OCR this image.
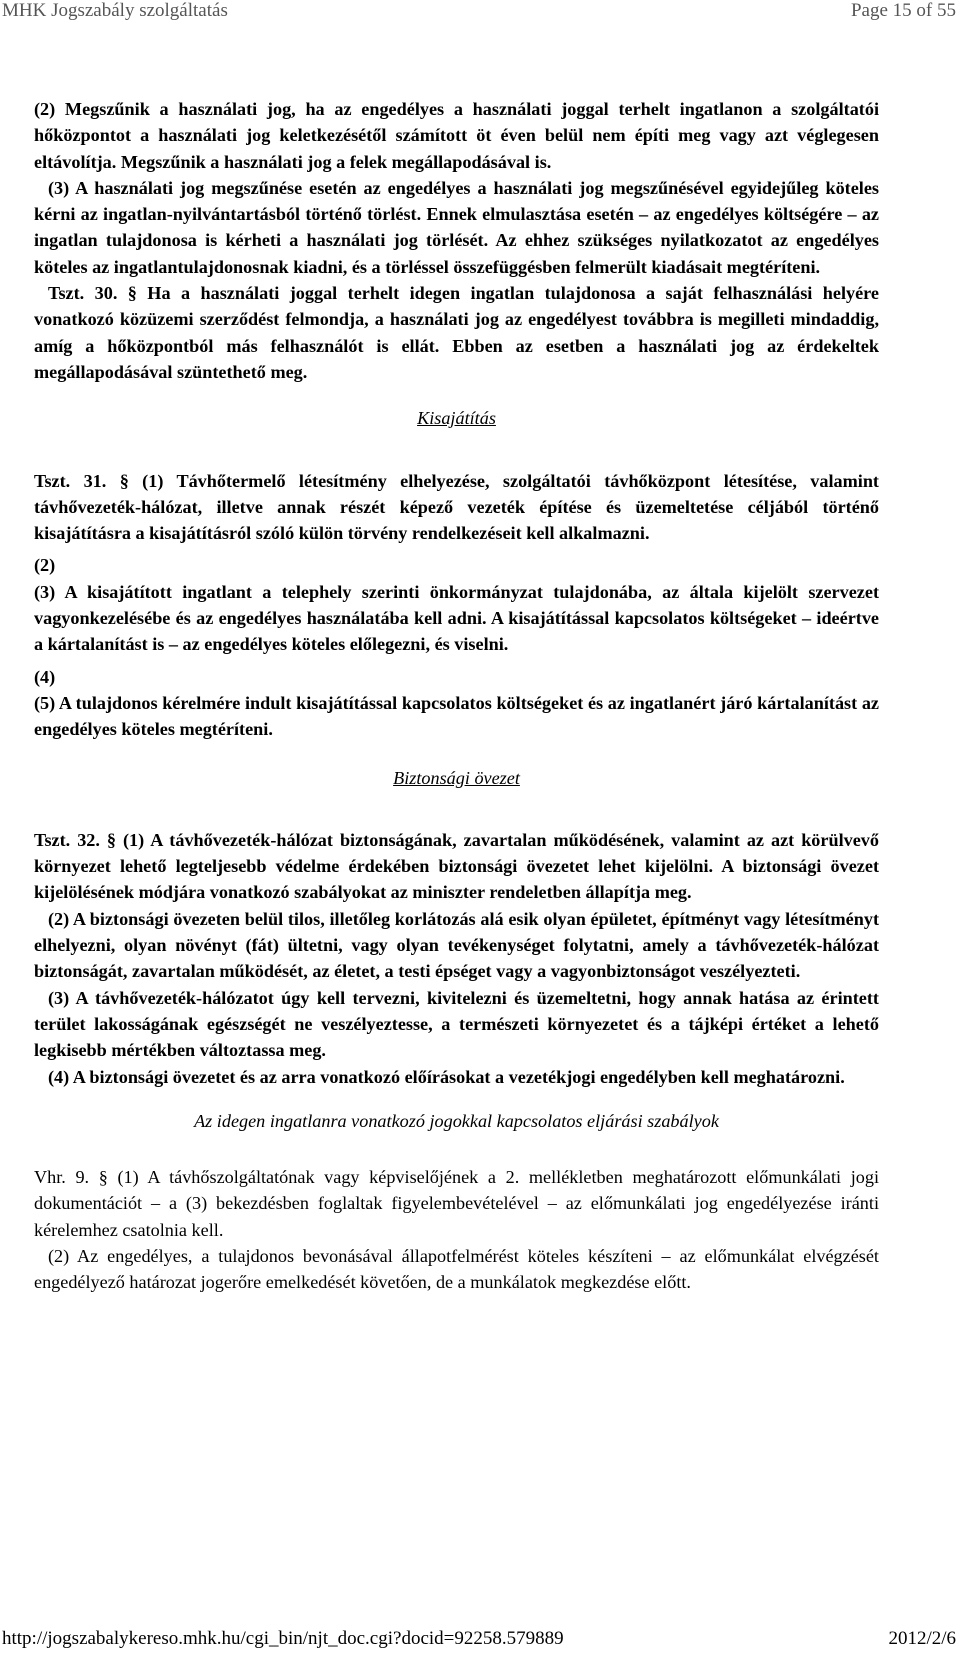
MHK Jogszabály szolgáltatás	Page 15 of 55

(2) Megszűnik a használati jog, ha az engedélyes a használati joggal terhelt ingatlanon a szolgáltatói hőközpontot a használati jog keletkezésétől számított öt éven belül nem építi meg vagy azt véglegesen eltávolítja. Megszűnik a használati jog a felek megállapodásával is.

(3) A használati jog megszűnése esetén az engedélyes a használati jog megszűnésével egyidejűleg köteles kérni az ingatlan-nyilvántartásból történő törlést. Ennek elmulasztása esetén – az engedélyes költségére – az ingatlan tulajdonosa is kérheti a használati jog törlését. Az ehhez szükséges nyilatkozatot az engedélyes köteles az ingatlantulajdonosnak kiadni, és a törléssel összefüggésben felmerült kiadásait megtéríteni.

Tszt. 30. § Ha a használati joggal terhelt idegen ingatlan tulajdonosa a saját felhasználási helyére vonatkozó közüzemi szerződést felmondja, a használati jog az engedélyest továbbra is megilleti mindaddig, amíg a hőközpontból más felhasználót is ellát. Ebben az esetben a használati jog az érdekeltek megállapodásával szüntethető meg.

Kisajátítás

Tszt. 31. § (1) Távhőtermelő létesítmény elhelyezése, szolgáltatói távhőközpont létesítése, valamint távhővezeték-hálózat, illetve annak részét képező vezeték építése és üzemeltetése céljából történő kisajátításra a kisajátításról szóló külön törvény rendelkezéseit kell alkalmazni.

(2)

(3) A kisajátított ingatlant a telephely szerinti önkormányzat tulajdonába, az általa kijelölt szervezet vagyonkezelésébe és az engedélyes használatába kell adni. A kisajátítással kapcsolatos költségeket – ideértve a kártalanítást is – az engedélyes köteles előlegezni, és viselni.

(4)

(5) A tulajdonos kérelmére indult kisajátítással kapcsolatos költségeket és az ingatlanért járó kártalanítást az engedélyes köteles megtéríteni.

Biztonsági övezet

Tszt. 32. § (1) A távhővezeték-hálózat biztonságának, zavartalan működésének, valamint az azt körülvevő környezet lehető legteljesebb védelme érdekében biztonsági övezetet lehet kijelölni. A biztonsági övezet kijelölésének módjára vonatkozó szabályokat az miniszter rendeletben állapítja meg.

(2) A biztonsági övezeten belül tilos, illetőleg korlátozás alá esik olyan épületet, építményt vagy létesítményt elhelyezni, olyan növényt (fát) ültetni, vagy olyan tevékenységet folytatni, amely a távhővezeték-hálózat biztonságát, zavartalan működését, az életet, a testi épséget vagy a vagyonbiztonságot veszélyezteti.

(3) A távhővezeték-hálózatot úgy kell tervezni, kivitelezni és üzemeltetni, hogy annak hatása az érintett terület lakosságának egészségét ne veszélyeztesse, a természeti környezetet és a tájképi értéket a lehető legkisebb mértékben változtassa meg.

(4) A biztonsági övezetet és az arra vonatkozó előírásokat a vezetékjogi engedélyben kell meghatározni.

Az idegen ingatlanra vonatkozó jogokkal kapcsolatos eljárási szabályok

Vhr. 9. § (1) A távhőszolgáltatónak vagy képviselőjének a 2. mellékletben meghatározott előmunkálati jogi dokumentációt – a (3) bekezdésben foglaltak figyelembevételével – az előmunkálati jog engedélyezése iránti kérelemhez csatolnia kell.

(2) Az engedélyes, a tulajdonos bevonásával állapotfelmérést köteles készíteni – az előmunkálat elvégzését engedélyező határozat jogerőre emelkedését követően, de a munkálatok megkezdése előtt.

http://jogszabalykereso.mhk.hu/cgi_bin/njt_doc.cgi?docid=92258.579889	2012/2/6
